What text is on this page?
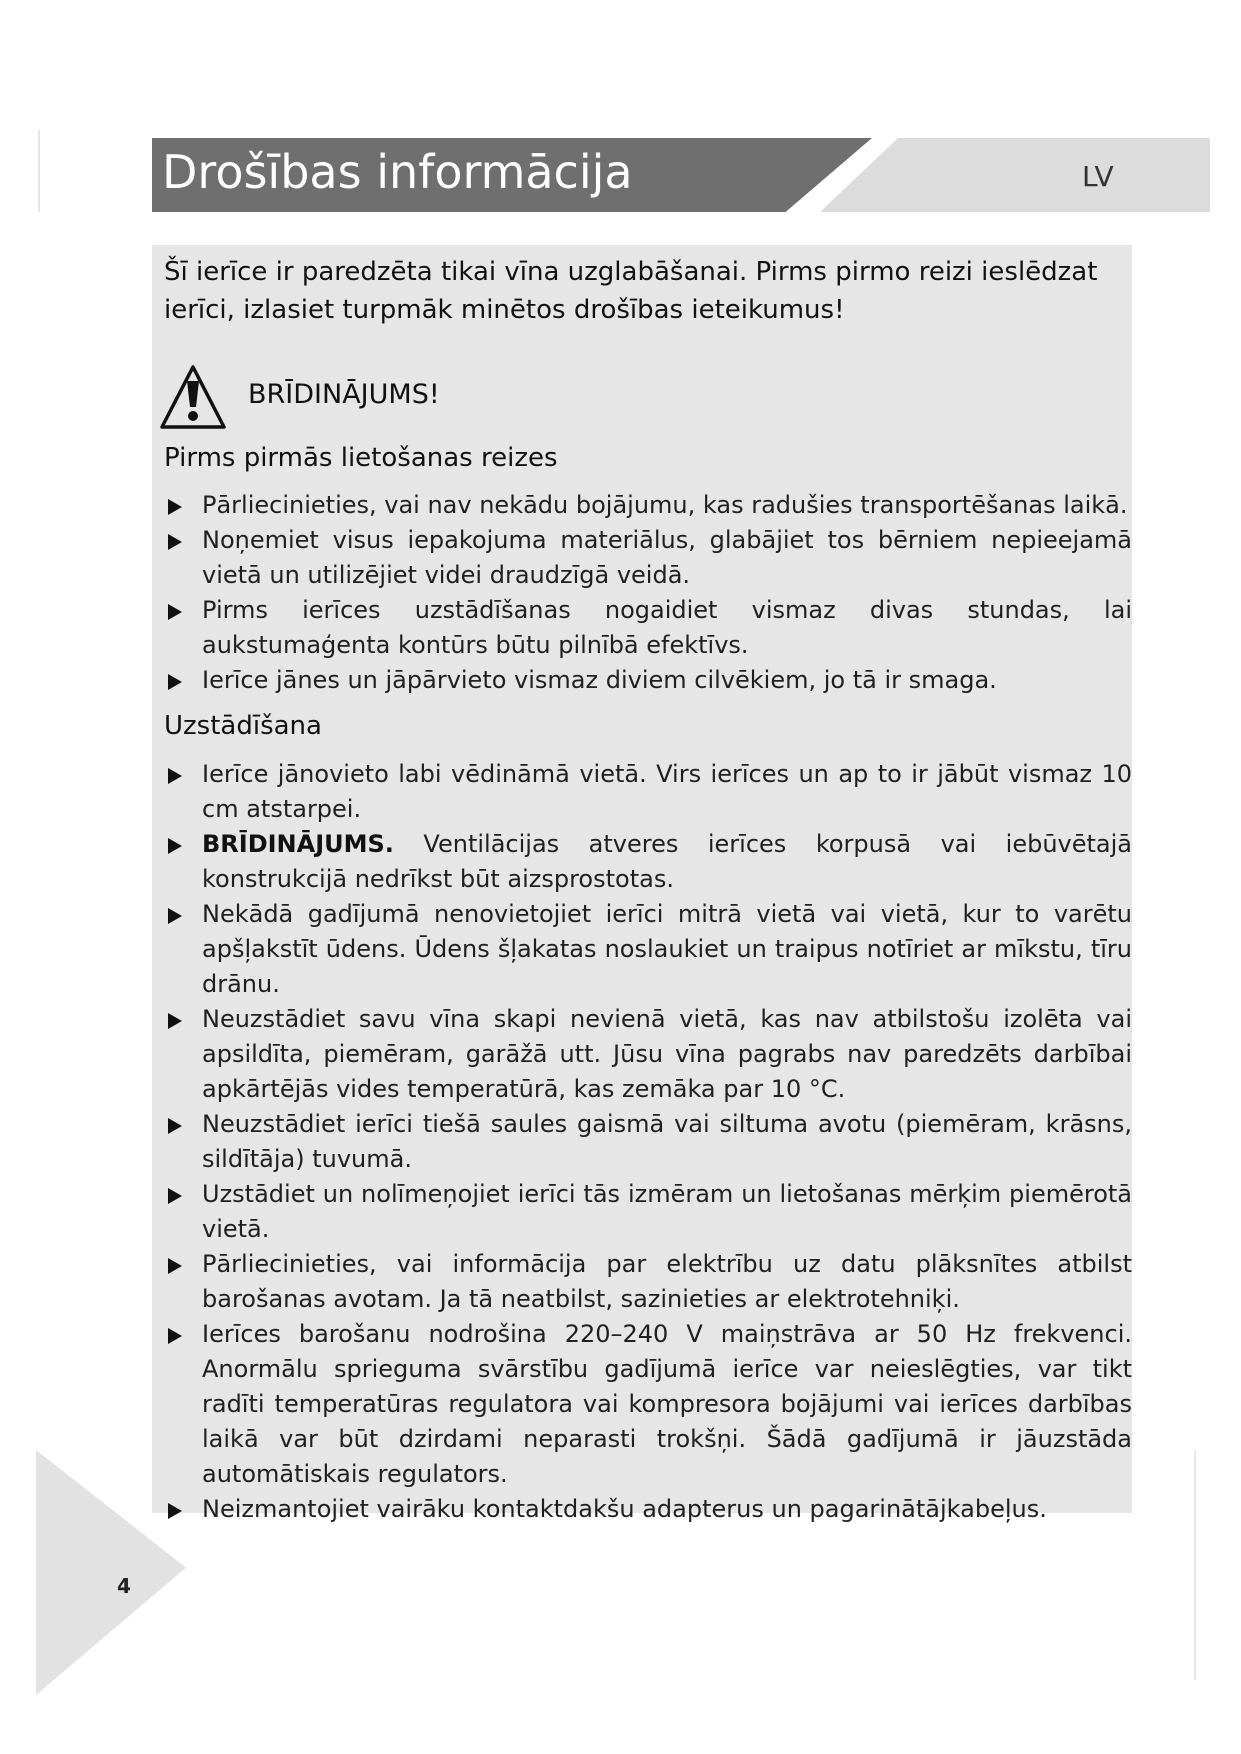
Drošības informācija	LV

Šī ierīce ir paredzēta tikai vīna uzglabāšanai. Pirms pirmo reizi ieslēdzat ierīci, izlasiet turpmāk minētos drošības ieteikumus!

BRĪDINĀJUMS!
Pirms pirmās lietošanas reizes
Pārliecinieties, vai nav nekādu bojājumu, kas radušies transportēšanas laikā.
Noņemiet visus iepakojuma materiālus, glabājiet tos bērniem nepieejamā vietā un utilizējiet videi draudzīgā veidā.
Pirms ierīces uzstādīšanas nogaidiet vismaz divas stundas, lai aukstumaģenta kontūrs būtu pilnībā efektīvs.
Ierīce jānes un jāpārvieto vismaz diviem cilvēkiem, jo tā ir smaga.
Uzstādīšana
Ierīce jānovieto labi vēdināmā vietā. Virs ierīces un ap to ir jābūt vismaz 10 cm atstarpei.
BRĪDINĀJUMS. Ventilācijas atveres ierīces korpusā vai iebūvētajā konstrukcijā nedrīkst būt aizsprostotas.
Nekādā gadījumā nenovietojiet ierīci mitrā vietā vai vietā, kur to varētu apšļakstīt ūdens. Ūdens šļakatas noslaukiet un traipus notīriet ar mīkstu, tīru drānu.
Neuzstādiet savu vīna skapi nevienā vietā, kas nav atbilstošu izolēta vai apsildīta, piemēram, garāžā utt. Jūsu vīna pagrabs nav paredzēts darbībai apkārtējās vides temperatūrā, kas zemāka par 10 °C.
Neuzstādiet ierīci tiešā saules gaismā vai siltuma avotu (piemēram, krāsns, sildītāja) tuvumā.
Uzstādiet un nolīmeņojiet ierīci tās izmēram un lietošanas mērķim piemērotā vietā.
Pārliecinieties, vai informācija par elektrību uz datu plāksnītes atbilst barošanas avotam. Ja tā neatbilst, sazinieties ar elektrotehniķi.
Ierīces barošanu nodrošina 220–240 V maiņstrāva ar 50 Hz frekvenci. Anormālu sprieguma svārstību gadījumā ierīce var neieslēgties, var tikt radīti temperatūras regulatora vai kompresora bojājumi vai ierīces darbības laikā var būt dzirdami neparasti trokšņi. Šādā gadījumā ir jāuzstāda automātiskais regulators.
Neizmantojiet vairāku kontaktdakšu adapterus un pagarinātājkabeļus.
4
